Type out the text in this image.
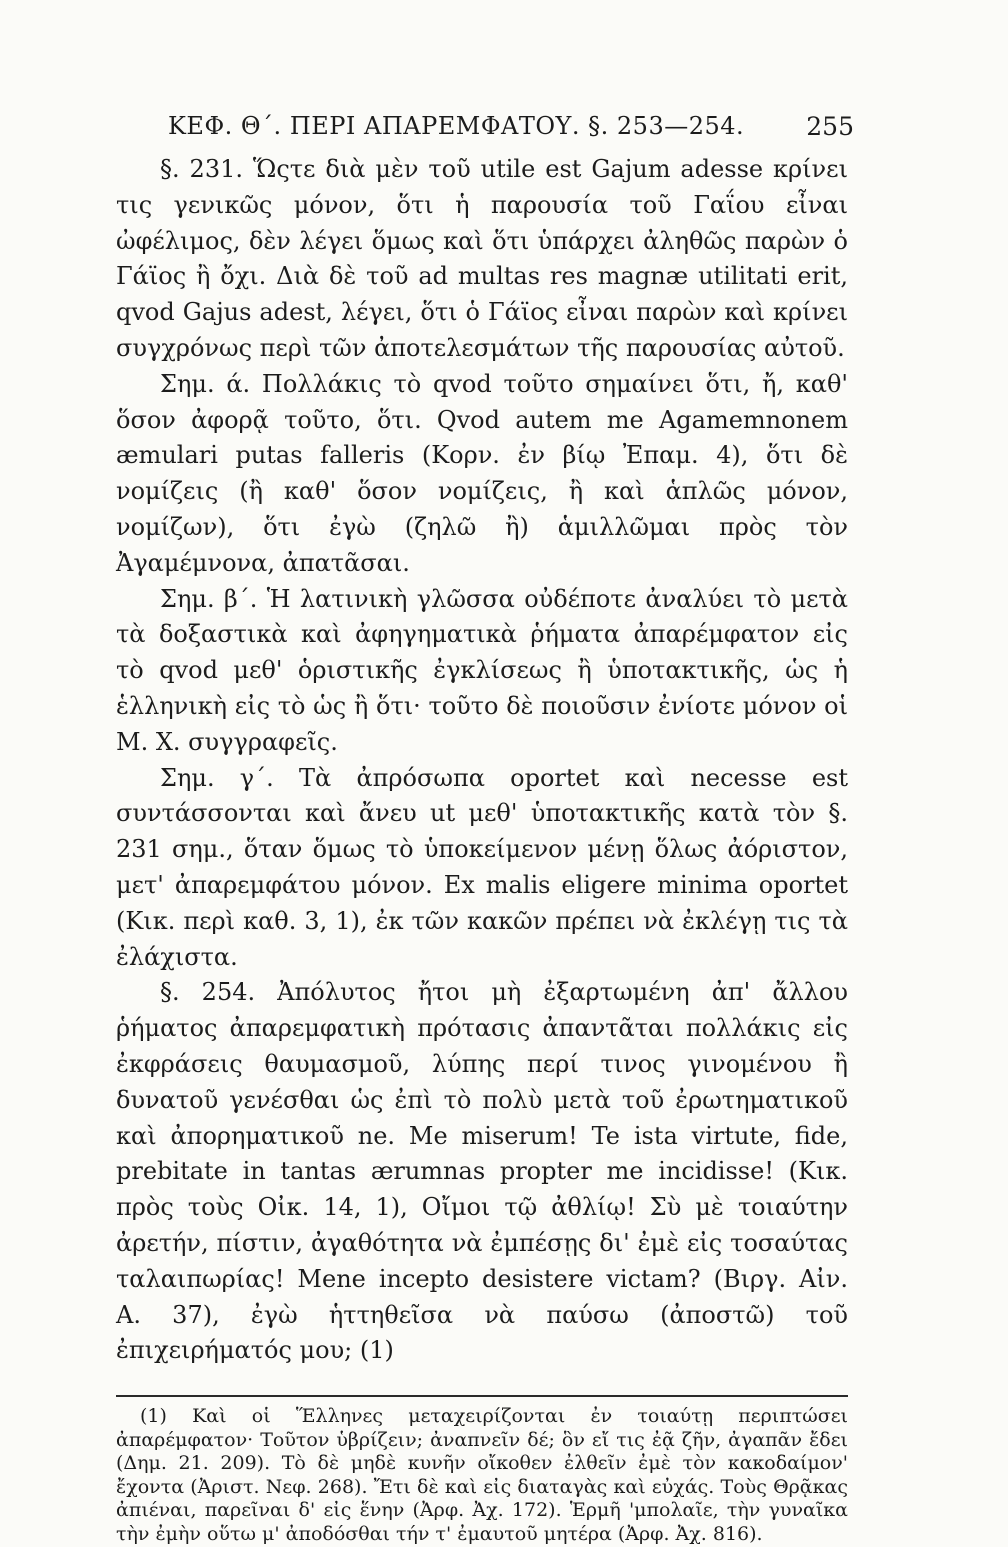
ΚΕΦ. Θ΄. ΠΕΡΙ ΑΠΑΡΕΜΦΑΤΟΥ. §. 253—254. 255

§. 231. Ὥςτε διὰ μὲν τοῦ utile est Gajum adesse κρίνει τις γενικῶς μόνον, ὅτι ἡ παρουσία τοῦ Γαΐου εἶναι ὠφέλιμος, δὲν λέγει ὅμως καὶ ὅτι ὑπάρχει ἀληθῶς παρὼν ὁ Γάϊος ἢ ὄχι. Διὰ δὲ τοῦ ad multas res magnæ utilitati erit, qvod Gajus adest, λέγει, ὅτι ὁ Γάϊος εἶναι παρὼν καὶ κρίνει συγχρόνως περὶ τῶν ἀποτελεσμάτων τῆς παρουσίας αὐτοῦ.

Σημ. ά. Πολλάκις τὸ qvod τοῦτο σημαίνει ὅτι, ἤ, καθ' ὅσον ἀφορᾷ τοῦτο, ὅτι. Qvod autem me Agamemnonem æmulari putas falleris (Κορν. ἐν βίῳ Ἐπαμ. 4), ὅτι δὲ νομίζεις (ἢ καθ' ὅσον νομίζεις, ἢ καὶ ἁπλῶς μόνον, νομίζων), ὅτι ἐγὼ (ζηλῶ ἢ) ἁμιλλῶμαι πρὸς τὸν Ἀγαμέμνονα, ἀπατᾶσαι.

Σημ. β΄. Ἡ λατινικὴ γλῶσσα οὐδέποτε ἀναλύει τὸ μετὰ τὰ δοξαστικὰ καὶ ἀφηγηματικὰ ῥήματα ἀπαρέμφατον εἰς τὸ qvod μεθ' ὁριστικῆς ἐγκλίσεως ἢ ὑποτακτικῆς, ὡς ἡ ἑλληνικὴ εἰς τὸ ὡς ἢ ὅτι· τοῦτο δὲ ποιοῦσιν ἐνίοτε μόνον οἱ Μ. Χ. συγγραφεῖς.

Σημ. γ΄. Τὰ ἀπρόσωπα oportet καὶ necesse est συντάσσονται καὶ ἄνευ ut μεθ' ὑποτακτικῆς κατὰ τὸν §. 231 σημ., ὅταν ὅμως τὸ ὑποκείμενον μένῃ ὅλως ἀόριστον, μετ' ἀπαρεμφάτου μόνον. Ex malis eligere minima oportet (Κικ. περὶ καθ. 3, 1), ἐκ τῶν κακῶν πρέπει νὰ ἐκλέγῃ τις τὰ ἐλάχιστα.

§. 254. Ἀπόλυτος ἤτοι μὴ ἐξαρτωμένη ἀπ' ἄλλου ῥήματος ἀπαρεμφατικὴ πρότασις ἀπαντᾶται πολλάκις εἰς ἐκφράσεις θαυμασμοῦ, λύπης περί τινος γινομένου ἢ δυνατοῦ γενέσθαι ὡς ἐπὶ τὸ πολὺ μετὰ τοῦ ἐρωτηματικοῦ καὶ ἀπορηματικοῦ ne. Me miserum! Te ista virtute, fide, prebitate in tantas ærumnas propter me incidisse! (Κικ. πρὸς τοὺς Οἰκ. 14, 1), Οἴμοι τῷ ἀθλίῳ! Σὺ μὲ τοιαύτην ἀρετήν, πίστιν, ἀγαθότητα νὰ ἐμπέσῃς δι' ἐμὲ εἰς τοσαύτας ταλαιπωρίας! Mene incepto desistere victam? (Βιργ. Αἰν. Α. 37), ἐγὼ ἡττηθεῖσα νὰ παύσω (ἀποστῶ) τοῦ ἐπιχειρήματός μου; (1)

(1) Καὶ οἱ Ἕλληνες μεταχειρίζονται ἐν τοιαύτῃ περιπτώσει ἀπαρέμφατον· Τοῦτον ὑβρίζειν; ἀναπνεῖν δέ; ὃν εἴ τις ἐᾷ ζῆν, ἀγαπᾶν ἔδει (Δημ. 21. 209). Τὸ δὲ μηδὲ κυνῆν οἴκοθεν ἐλθεῖν ἐμὲ τὸν κακοδαίμον' ἔχοντα (Ἀριστ. Νεφ. 268). Ἔτι δὲ καὶ εἰς διαταγὰς καὶ εὐχάς. Τοὺς Θρᾷκας ἀπιέναι, παρεῖναι δ' εἰς ἕνην (Ἀρφ. Ἀχ. 172). Ἑρμῆ 'μπολαῖε, τὴν γυναῖκα τὴν ἐμὴν οὕτω μ' ἀποδόσθαι τήν τ' ἐμαυτοῦ μητέρα (Ἀρφ. Ἀχ. 816).
